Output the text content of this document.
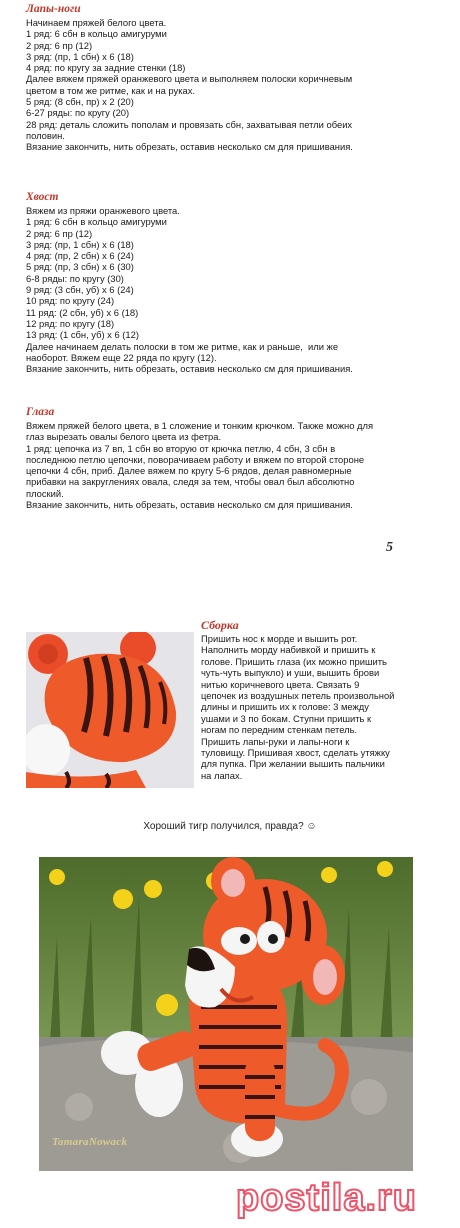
Лапы-ноги
Начинаем пряжей белого цвета.
1 ряд: 6 сбн в кольцо амигуруми
2 ряд: 6 пр (12)
3 ряд: (пр, 1 сбн) х 6 (18)
4 ряд: по кругу за задние стенки (18)
Далее вяжем пряжей оранжевого цвета и выполняем полоски коричневым
цветом в том же ритме, как и на руках.
5 ряд: (8 сбн, пр) х 2 (20)
6-27 ряды: по кругу (20)
28 ряд: деталь сложить пополам и провязать сбн, захватывая петли обеих
половин.
Вязание закончить, нить обрезать, оставив несколько см для пришивания.
Хвост
Вяжем из пряжи оранжевого цвета.
1 ряд: 6 сбн в кольцо амигуруми
2 ряд: 6 пр (12)
3 ряд: (пр, 1 сбн) х 6 (18)
4 ряд: (пр, 2 сбн) х 6 (24)
5 ряд: (пр, 3 сбн) х 6 (30)
6-8 ряды: по кругу (30)
9 ряд: (3 сбн, уб) х 6 (24)
10 ряд: по кругу (24)
11 ряд: (2 сбн, уб) х 6 (18)
12 ряд: по кругу (18)
13 ряд: (1 сбн, уб) х 6 (12)
Далее начинаем делать полоски в том же ритме, как и раньше,  или же
наоборот. Вяжем еще 22 ряда по кругу (12).
Вязание закончить, нить обрезать, оставив несколько см для пришивания.
Глаза
Вяжем пряжей белого цвета, в 1 сложение и тонким крючком. Также можно для
глаз вырезать овалы белого цвета из фетра.
1 ряд: цепочка из 7 вп, 1 сбн во вторую от крючка петлю, 4 сбн, 3 сбн в
последнюю петлю цепочки, поворачиваем работу и вяжем по второй стороне
цепочки 4 сбн, приб. Далее вяжем по кругу 5-6 рядов, делая равномерные
прибавки на закруглениях овала, следя за тем, чтобы овал был абсолютно
плоский.
Вязание закончить, нить обрезать, оставив несколько см для пришивания.
5
Сборка
Пришить нос к морде и вышить рот.
Наполнить морду набивкой и пришить к
голове. Пришить глаза (их можно пришить
чуть-чуть выпукло) и уши, вышить брови
нитью коричневого цвета. Связать 9
цепочек из воздушных петель произвольной
длины и пришить их к голове: 3 между
ушами и 3 по бокам. Ступни пришить к
ногам по передним стенкам петель.
Пришить лапы-руки и лапы-ноги к
туловищу. Пришивая хвост, сделать утяжку
для пупка. При желании вышить пальчики
на лапах.
Хороший тигр получился, правда? ☺
TamaraNowack
postila.ru
